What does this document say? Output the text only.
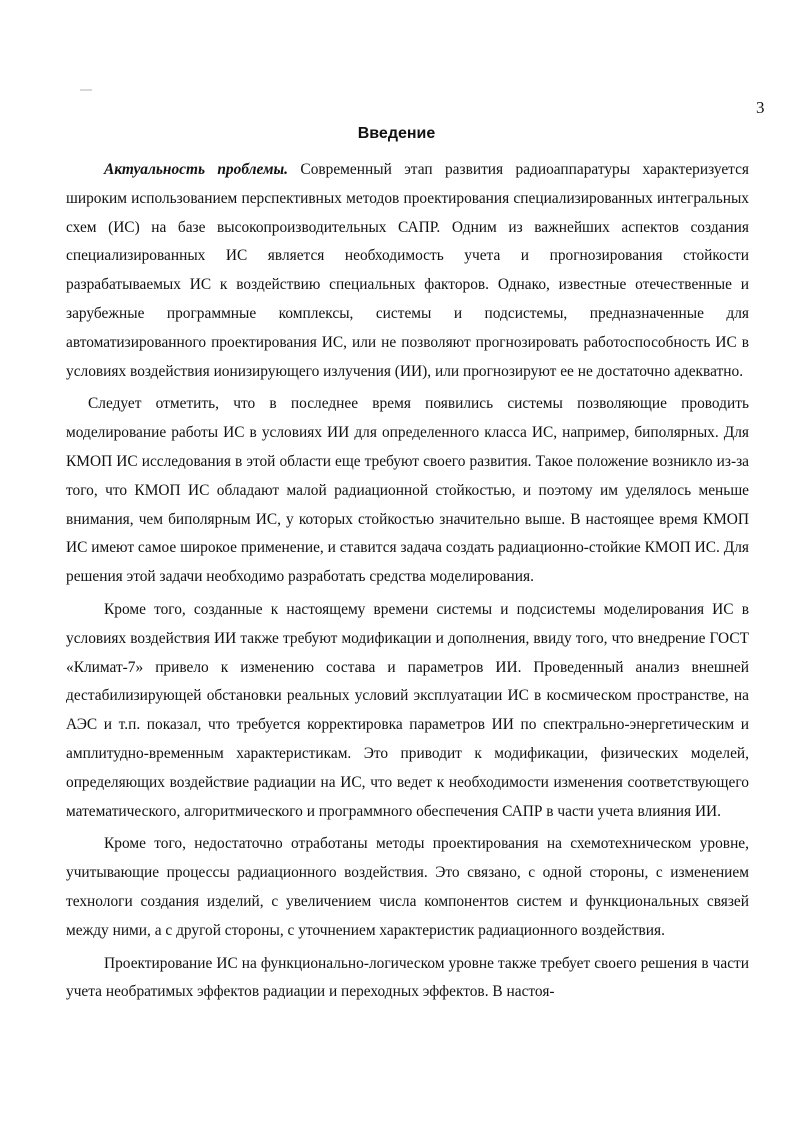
3
Введение

Актуальность проблемы. Современный этап развития радиоаппаратуры характеризуется широким использованием перспективных методов проектирования специализированных интегральных схем (ИС) на базе высокопроизводительных САПР. Одним из важнейших аспектов создания специализированных ИС является необходимость учета и прогнозирования стойкости разрабатываемых ИС к воздействию специальных факторов. Однако, известные отечественные и зарубежные программные комплексы, системы и подсистемы, предназначенные для автоматизированного проектирования ИС, или не позволяют прогнозировать работоспособность ИС в условиях воздействия ионизирующего излучения (ИИ), или прогнозируют ее не достаточно адекватно.

Следует отметить, что в последнее время появились системы позволяющие проводить моделирование работы ИС в условиях ИИ для определенного класса ИС, например, биполярных. Для КМОП ИС исследования в этой области еще требуют своего развития. Такое положение возникло из-за того, что КМОП ИС обладают малой радиационной стойкостью, и поэтому им уделялось меньше внимания, чем биполярным ИС, у которых стойкостью значительно выше. В настоящее время КМОП ИС имеют самое широкое применение, и ставится задача создать радиационно-стойкие КМОП ИС. Для решения этой задачи необходимо разработать средства моделирования.

Кроме того, созданные к настоящему времени системы и подсистемы моделирования ИС в условиях воздействия ИИ также требуют модификации и дополнения, ввиду того, что внедрение ГОСТ «Климат-7» привело к изменению состава и параметров ИИ. Проведенный анализ внешней дестабилизирующей обстановки реальных условий эксплуатации ИС в космическом пространстве, на АЭС и т.п. показал, что требуется корректировка параметров ИИ по спектрально-энергетическим и амплитудно-временным характеристикам. Это приводит к модификации, физических моделей, определяющих воздействие радиации на ИС, что ведет к необходимости изменения соответствующего математического, алгоритмического и программного обеспечения САПР в части учета влияния ИИ.

Кроме того, недостаточно отработаны методы проектирования на схемотехническом уровне, учитывающие процессы радиационного воздействия. Это связано, с одной стороны, с изменением технологи создания изделий, с увеличением числа компонентов систем и функциональных связей между ними, а с другой стороны, с уточнением характеристик радиационного воздействия.

Проектирование ИС на функционально-логическом уровне также требует своего решения в части учета необратимых эффектов радиации и переходных эффектов. В настоя-
